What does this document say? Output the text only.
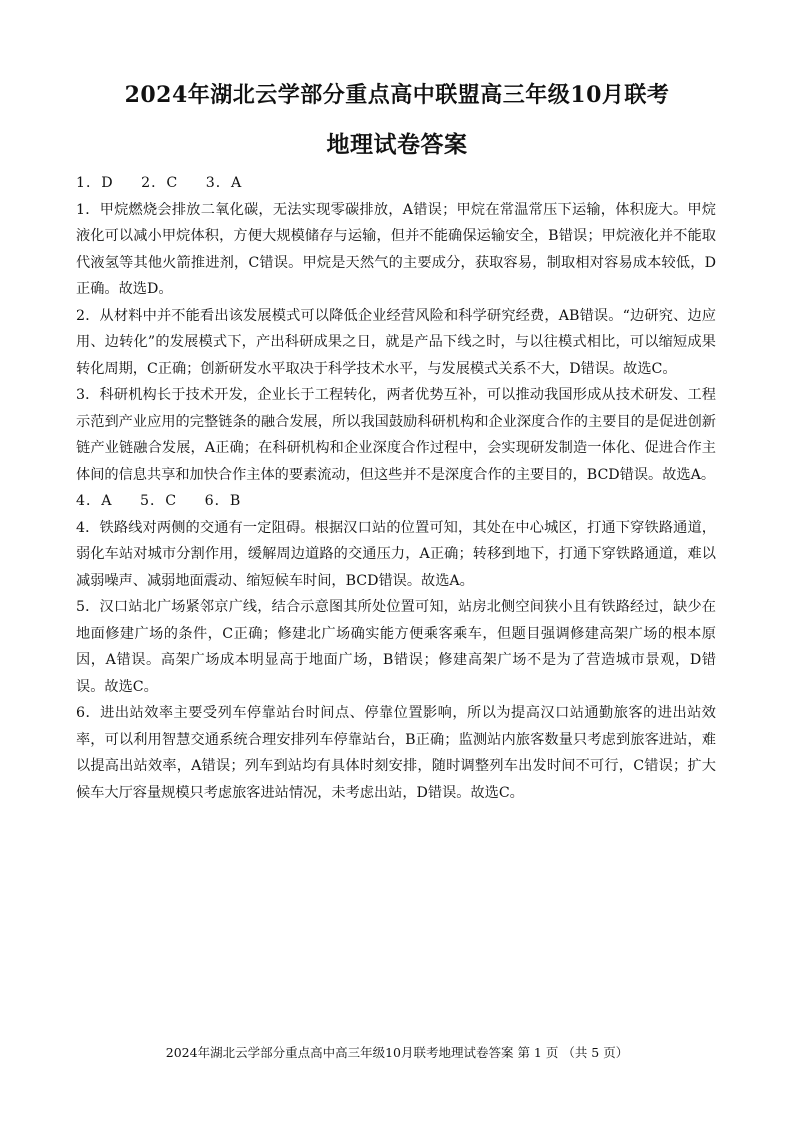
2024年湖北云学部分重点高中联盟高三年级10月联考
地理试卷答案

1．D     2．C     3．A

1．甲烷燃烧会排放二氧化碳，无法实现零碳排放，A错误；甲烷在常温常压下运输，体积庞大。甲烷液化可以减小甲烷体积，方便大规模储存与运输，但并不能确保运输安全，B错误；甲烷液化并不能取代液氢等其他火箭推进剂，C错误。甲烷是天然气的主要成分，获取容易，制取相对容易成本较低，D正确。故选D。

2．从材料中并不能看出该发展模式可以降低企业经营风险和科学研究经费，AB错误。“边研究、边应用、边转化”的发展模式下，产出科研成果之日，就是产品下线之时，与以往模式相比，可以缩短成果转化周期，C正确；创新研发水平取决于科学技术水平，与发展模式关系不大，D错误。故选C。

3．科研机构长于技术开发，企业长于工程转化，两者优势互补，可以推动我国形成从技术研发、工程示范到产业应用的完整链条的融合发展，所以我国鼓励科研机构和企业深度合作的主要目的是促进创新链产业链融合发展，A正确；在科研机构和企业深度合作过程中，会实现研发制造一体化、促进合作主体间的信息共享和加快合作主体的要素流动，但这些并不是深度合作的主要目的，BCD错误。故选A。

4．A     5．C     6．B

4．铁路线对两侧的交通有一定阻碍。根据汉口站的位置可知，其处在中心城区，打通下穿铁路通道，弱化车站对城市分割作用，缓解周边道路的交通压力，A正确；转移到地下，打通下穿铁路通道，难以减弱噪声、减弱地面震动、缩短候车时间，BCD错误。故选A。

5．汉口站北广场紧邻京广线，结合示意图其所处位置可知，站房北侧空间狭小且有铁路经过，缺少在地面修建广场的条件，C正确；修建北广场确实能方便乘客乘车，但题目强调修建高架广场的根本原因，A错误。高架广场成本明显高于地面广场，B错误；修建高架广场不是为了营造城市景观，D错误。故选C。

6．进出站效率主要受列车停靠站台时间点、停靠位置影响，所以为提高汉口站通勤旅客的进出站效率，可以利用智慧交通系统合理安排列车停靠站台，B正确；监测站内旅客数量只考虑到旅客进站，难以提高出站效率，A错误；列车到站均有具体时刻安排，随时调整列车出发时间不可行，C错误；扩大候车大厅容量规模只考虑旅客进站情况，未考虑出站，D错误。故选C。

2024年湖北云学部分重点高中高三年级10月联考地理试卷答案 第 1 页 （共 5 页）
